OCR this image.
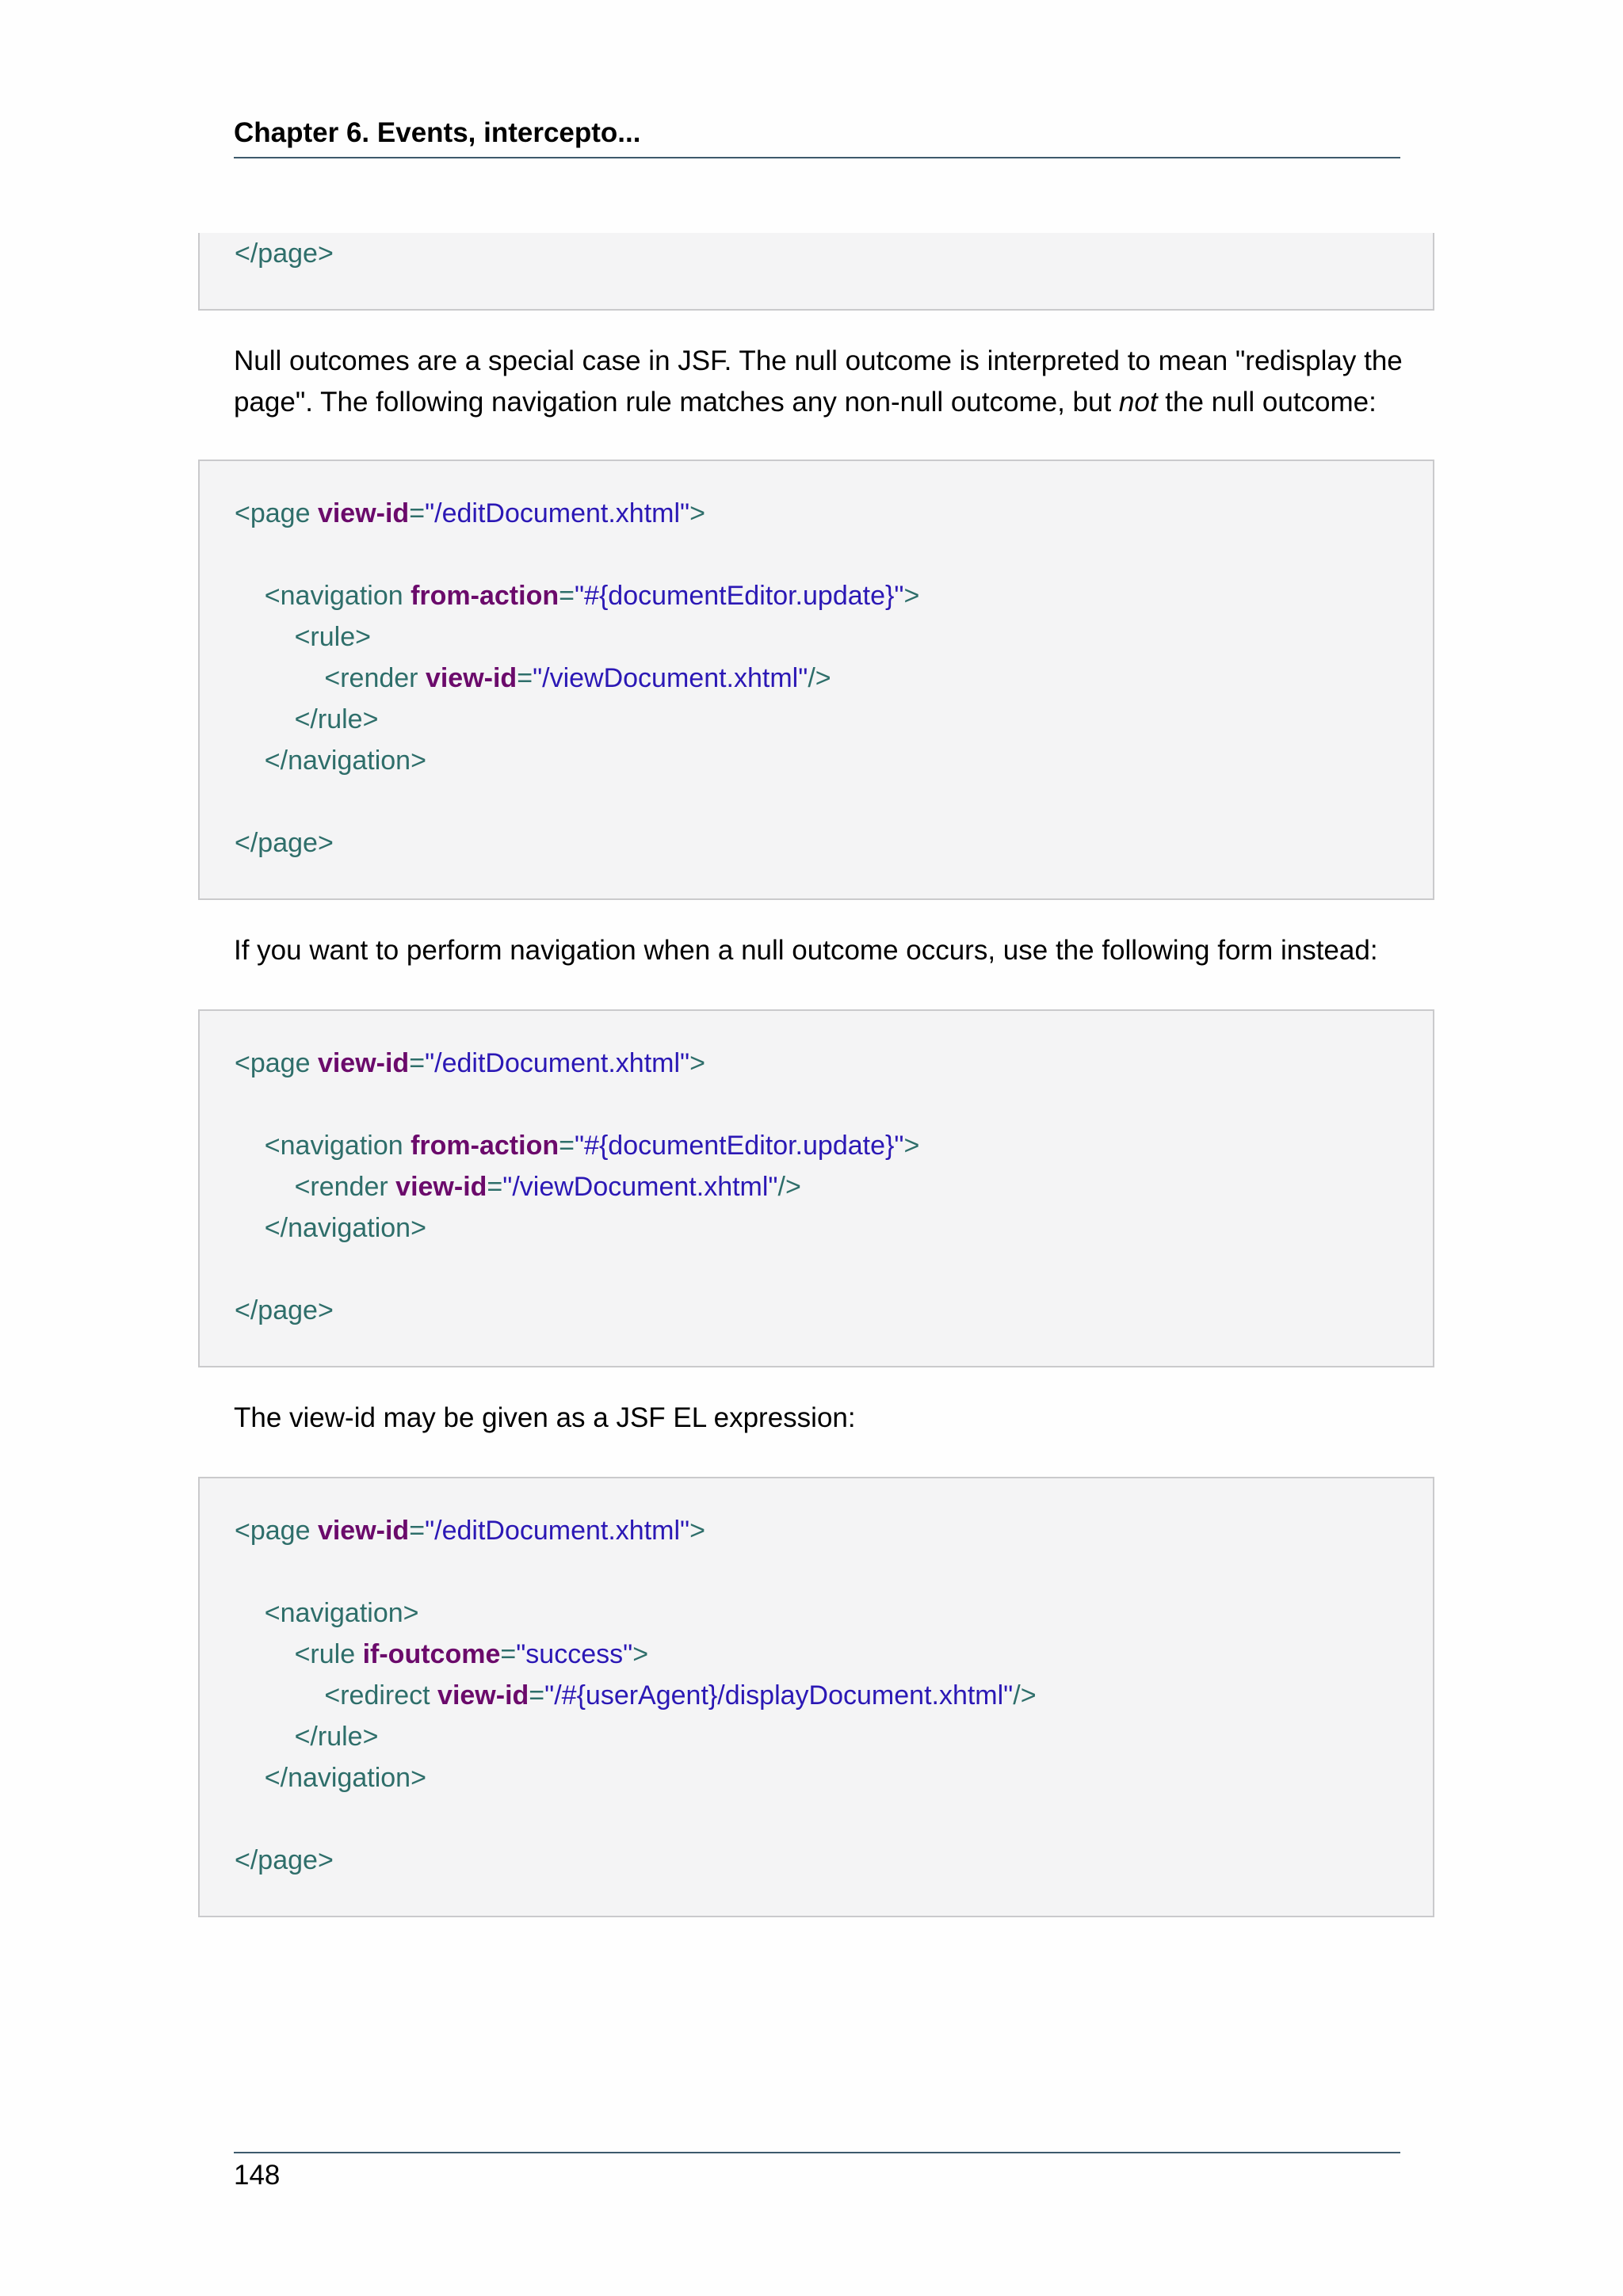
Chapter 6. Events, intercepto...
</page>
Null outcomes are a special case in JSF. The null outcome is interpreted to mean "redisplay the page". The following navigation rule matches any non-null outcome, but not the null outcome:
<page view-id="/editDocument.xhtml">
<navigation from-action="#{documentEditor.update}">
<rule>
<render view-id="/viewDocument.xhtml"/>
</rule>
</navigation>
</page>
If you want to perform navigation when a null outcome occurs, use the following form instead:
<page view-id="/editDocument.xhtml">
<navigation from-action="#{documentEditor.update}">
<render view-id="/viewDocument.xhtml"/>
</navigation>
</page>
The view-id may be given as a JSF EL expression:
<page view-id="/editDocument.xhtml">
<navigation>
<rule if-outcome="success">
<redirect view-id="/#{userAgent}/displayDocument.xhtml"/>
</rule>
</navigation>
</page>
148
